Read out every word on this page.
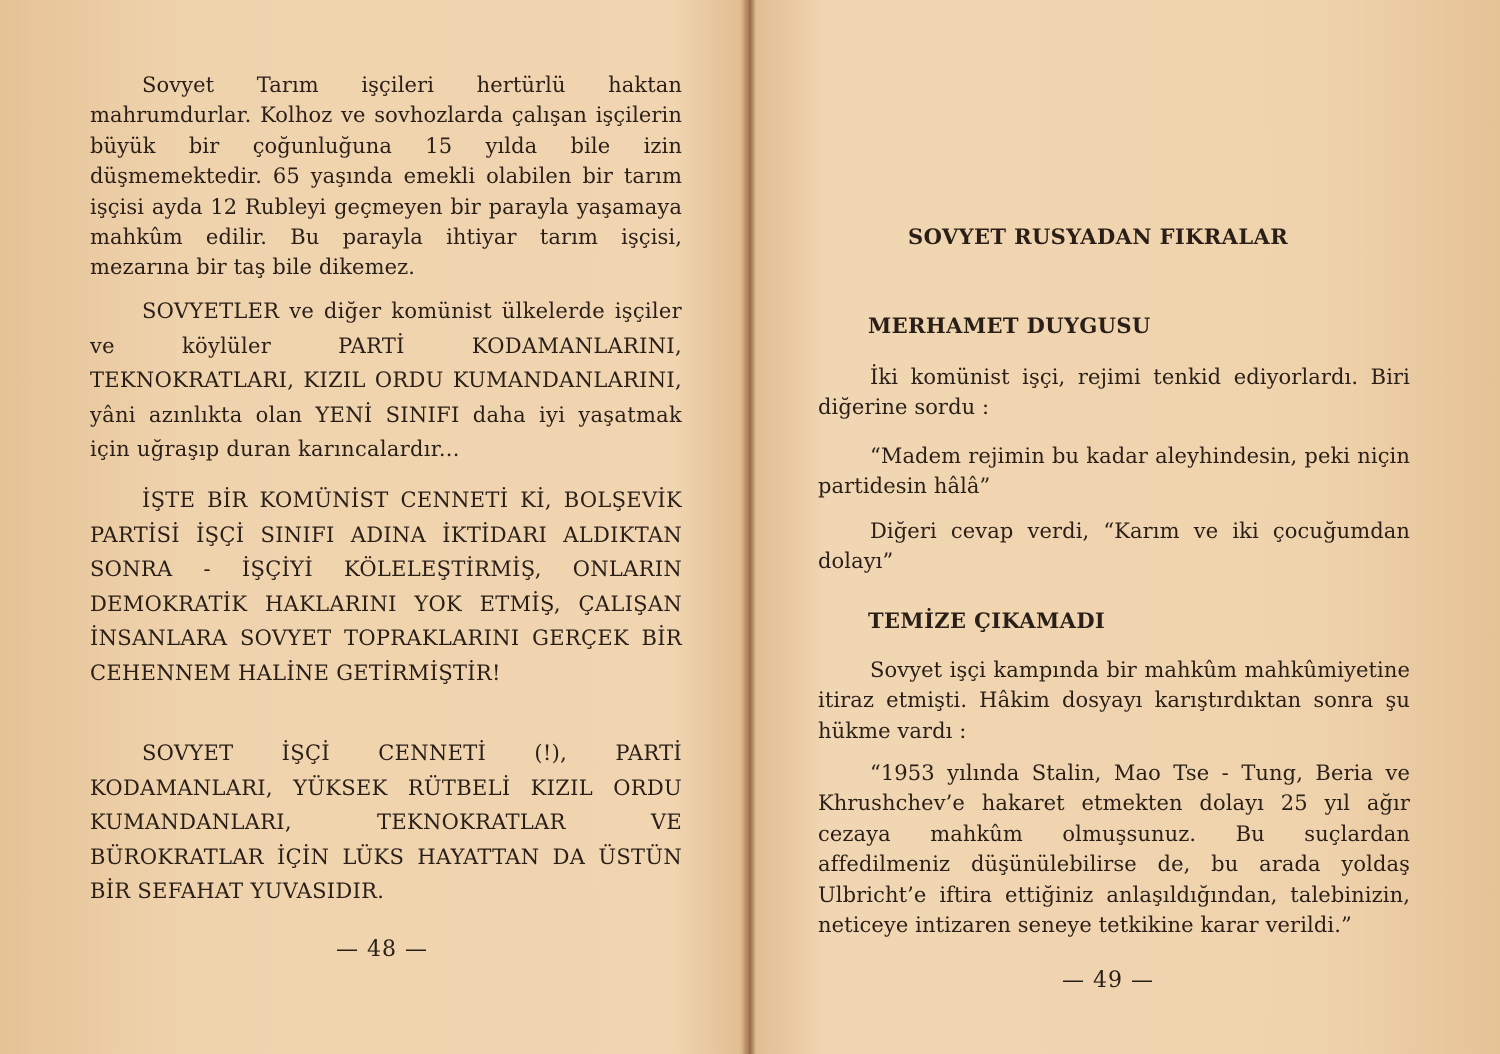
Sovyet Tarım işçileri hertürlü haktan mahrumdurlar. Kolhoz ve sovhozlarda çalışan işçilerin büyük bir çoğunluğuna 15 yılda bile izin düşmemektedir. 65 yaşında emekli olabilen bir tarım işçisi ayda 12 Rubleyi geçmeyen bir parayla yaşamaya mahkûm edilir. Bu parayla ihtiyar tarım işçisi, mezarına bir taş bile dikemez.

SOVYETLER ve diğer komünist ülkelerde işçiler ve köylüler PARTİ KODAMANLARINI, TEKNOKRATLARI, KIZIL ORDU KUMANDANLARINI, yâni azınlıkta olan YENİ SINIFI daha iyi yaşatmak için uğraşıp duran karıncalardır...

İŞTE BİR KOMÜNİST CENNETİ Kİ, BOLŞEVİK PARTİSİ İŞÇİ SINIFI ADINA İKTİDARI ALDIKTAN SONRA - İŞÇİYİ KÖLELEŞTİRMİŞ, ONLARIN DEMOKRATİK HAKLARINI YOK ETMİŞ, ÇALIŞAN İNSANLARA SOVYET TOPRAKLARINI GERÇEK BİR CEHENNEM HALİNE GETİRMİŞTİR!

SOVYET İŞÇİ CENNETİ (!), PARTİ KODAMANLARI, YÜKSEK RÜTBELİ KIZIL ORDU KUMANDANLARI, TEKNOKRATLAR VE BÜROKRATLAR İÇİN LÜKS HAYATTAN DA ÜSTÜN BİR SEFAHAT YUVASIDIR.

— 48 —
SOVYET RUSYADAN FIKRALAR
MERHAMET DUYGUSU

İki komünist işçi, rejimi tenkid ediyorlardı. Biri diğerine sordu :

“Madem rejimin bu kadar aleyhindesin, peki niçin partidesin hâlâ”

Diğeri cevap verdi, “Karım ve iki çocuğumdan dolayı”

TEMİZE ÇIKAMADI

Sovyet işçi kampında bir mahkûm mahkûmiyetine itiraz etmişti. Hâkim dosyayı karıştırdıktan sonra şu hükme vardı :

“1953 yılında Stalin, Mao Tse - Tung, Beria ve Khrushchev’e hakaret etmekten dolayı 25 yıl ağır cezaya mahkûm olmuşsunuz. Bu suçlardan affedilmeniz düşünülebilirse de, bu arada yoldaş Ulbricht’e iftira ettiğiniz anlaşıldığından, talebinizin, neticeye intizaren seneye tetkikine karar verildi.”

— 49 —
